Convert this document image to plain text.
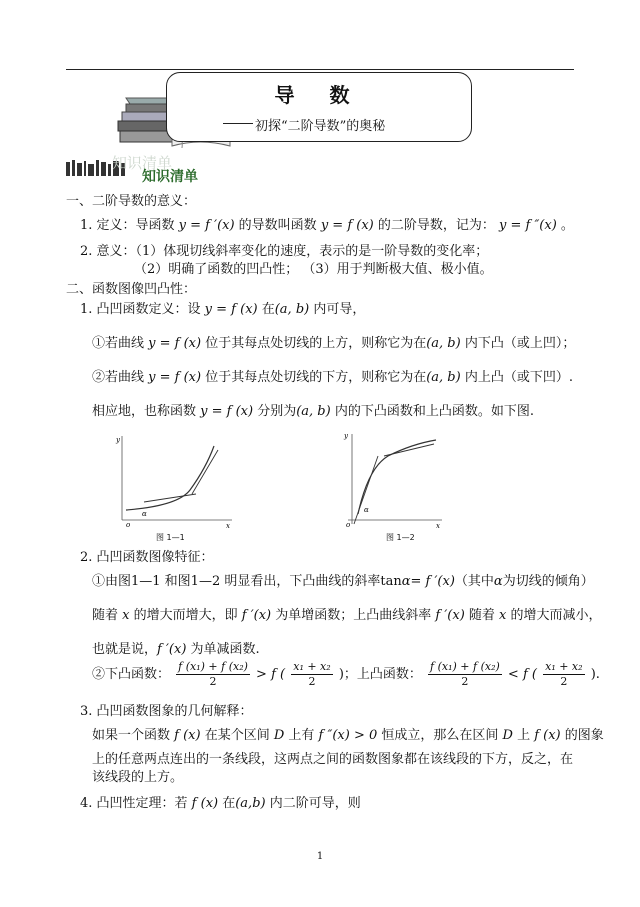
导 数
初探“二阶导数”的奥秘
知识清单
知识清单
一、二阶导数的意义：
1. 定义：导函数 y = f ′(x) 的导数叫函数 y = f (x) 的二阶导数，记为： y = f ″(x) 。
2. 意义：（1）体现切线斜率变化的速度，表示的是一阶导数的变化率；
（2）明确了函数的凹凸性； （3）用于判断极大值、极小值。
二、函数图像凹凸性：
1. 凸凹函数定义：设 y = f (x) 在(a, b) 内可导，
①若曲线 y = f (x) 位于其每点处切线的上方，则称它为在(a, b) 内下凸（或上凹）；
②若曲线 y = f (x) 位于其每点处切线的下方，则称它为在(a, b) 内上凸（或下凹）.
相应地，也称函数 y = f (x) 分别为(a, b) 内的下凸函数和上凸函数。如下图.
y
x
o
α
图 1—1
y
x
o
α
图 1—2
2. 凸凹函数图像特征：
①由图1—1 和图1—2 明显看出，下凸曲线的斜率tanα= f ′(x)（其中α为切线的倾角）
随着 x 的增大而增大，即 f ′(x) 为单增函数；上凸曲线斜率 f ′(x) 随着 x 的增大而减小，
也就是说，f ′(x) 为单减函数.
②下凸函数： $\frac{\text{f (x₁) + f (x₂)}}{2} > f$ ( $\frac{\text{x₁ + x₂}}{2}$ )；上凸函数： $\frac{\text{f (x₁) + f (x₂)}}{2} < f$ ( $\frac{\text{x₁ + x₂}}{2}$ ).
3. 凸凹函数图象的几何解释：
如果一个函数 f (x) 在某个区间 D 上有 f ″(x) > 0 恒成立，那么在区间 D 上 f (x) 的图象
上的任意两点连出的一条线段，这两点之间的函数图象都在该线段的下方，反之，在
该线段的上方。
4. 凸凹性定理：若 f (x) 在(a,b) 内二阶可导，则
1
